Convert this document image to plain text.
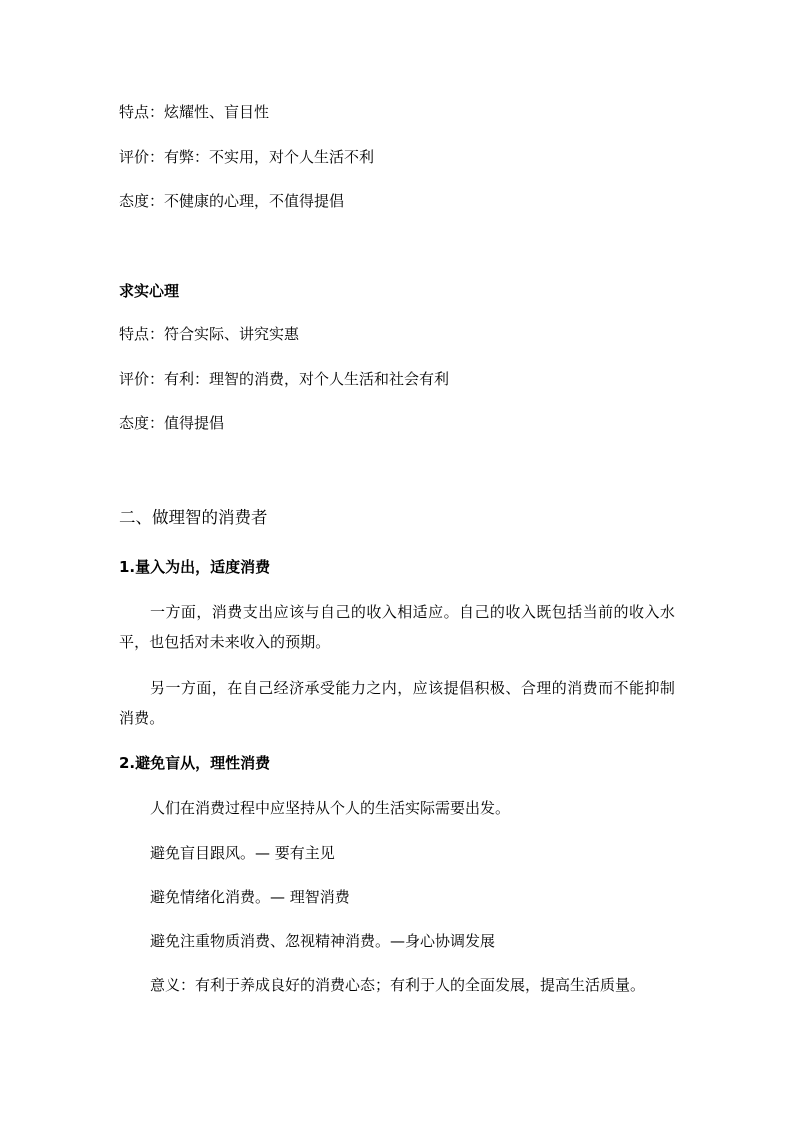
特点：炫耀性、盲目性
评价：有弊：不实用，对个人生活不利
态度：不健康的心理，不值得提倡
求实心理
特点：符合实际、讲究实惠
评价：有利：理智的消费，对个人生活和社会有利
态度：值得提倡
二、做理智的消费者
1.量入为出，适度消费
一方面，消费支出应该与自己的收入相适应。自己的收入既包括当前的收入水平，也包括对未来收入的预期。
另一方面，在自己经济承受能力之内，应该提倡积极、合理的消费而不能抑制消费。
2.避免盲从，理性消费
人们在消费过程中应坚持从个人的生活实际需要出发。
避免盲目跟风。— 要有主见
避免情绪化消费。— 理智消费
避免注重物质消费、忽视精神消费。—身心协调发展
意义：有利于养成良好的消费心态；有利于人的全面发展，提高生活质量。
